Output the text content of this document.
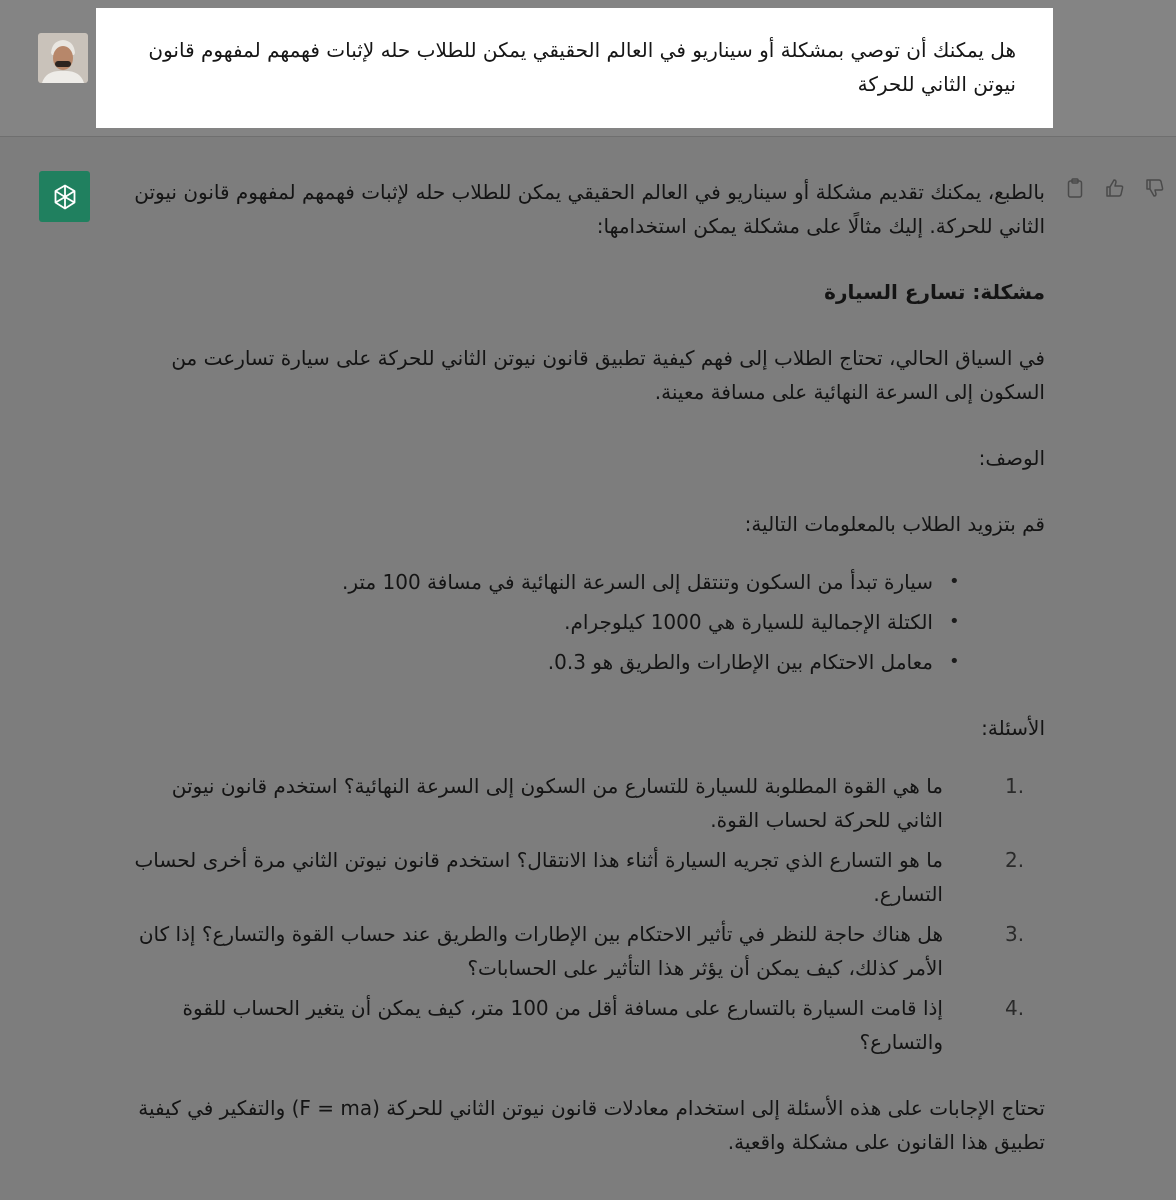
هل يمكنك أن توصي بمشكلة أو سيناريو في العالم الحقيقي يمكن للطلاب حله لإثبات فهمهم لمفهوم قانون نيوتن الثاني للحركة

بالطبع، يمكنك تقديم مشكلة أو سيناريو في العالم الحقيقي يمكن للطلاب حله لإثبات فهمهم لمفهوم قانون نيوتن الثاني للحركة. إليك مثالًا على مشكلة يمكن استخدامها:

مشكلة: تسارع السيارة

في السياق الحالي، تحتاج الطلاب إلى فهم كيفية تطبيق قانون نيوتن الثاني للحركة على سيارة تسارعت من السكون إلى السرعة النهائية على مسافة معينة.

الوصف:

قم بتزويد الطلاب بالمعلومات التالية:

سيارة تبدأ من السكون وتنتقل إلى السرعة النهائية في مسافة 100 متر. •
الكتلة الإجمالية للسيارة هي 1000 كيلوجرام. •
معامل الاحتكام بين الإطارات والطريق هو 0.3. •

الأسئلة:

1.
ما هي القوة المطلوبة للسيارة للتسارع من السكون إلى السرعة النهائية؟ استخدم قانون نيوتن الثاني للحركة لحساب القوة.
2.
ما هو التسارع الذي تجريه السيارة أثناء هذا الانتقال؟ استخدم قانون نيوتن الثاني مرة أخرى لحساب التسارع.
3.
هل هناك حاجة للنظر في تأثير الاحتكام بين الإطارات والطريق عند حساب القوة والتسارع؟ إذا كان الأمر كذلك، كيف يمكن أن يؤثر هذا التأثير على الحسابات؟
4.
إذا قامت السيارة بالتسارع على مسافة أقل من 100 متر، كيف يمكن أن يتغير الحساب للقوة والتسارع؟

تحتاج الإجابات على هذه الأسئلة إلى استخدام معادلات قانون نيوتن الثاني للحركة (F = ma) والتفكير في كيفية تطبيق هذا القانون على مشكلة واقعية.
